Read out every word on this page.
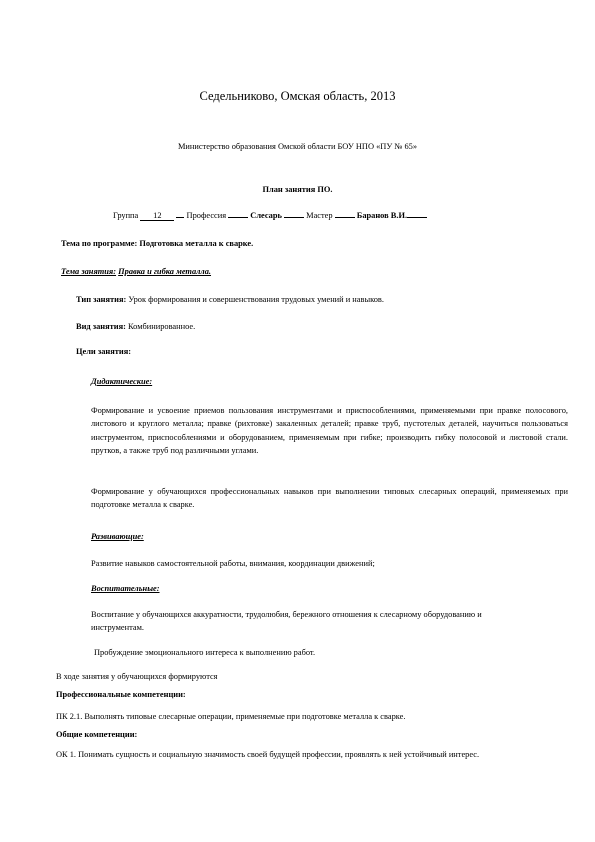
Седельниково, Омская область, 2013
Министерство образования Омской области БОУ НПО «ПУ № 65»
План занятия ПО.
Группа 12	Профессия	Слесарь	Мастер	Баранов В.И.
Тема по программе: Подготовка металла к сварке.
Тема занятия: Правка и гибка металла.
Тип занятия: Урок формирования и совершенствования трудовых умений и навыков.
Вид занятия: Комбинированное.
Цели занятия:
Дидактические:
Формирование и усвоение приемов пользования инструментами и приспособлениями, применяемыми при правке полосового, листового и круглого металла; правке (рихтовке) закаленных деталей; правке труб, пустотелых деталей, научиться пользоваться инструментом, приспособлениями и оборудованием, применяемым при гибке; производить гибку полосовой и листовой стали. прутков, а также труб под различными углами.
Формирование у обучающихся профессиональных навыков при выполнении типовых слесарных операций, применяемых при подготовке металла к сварке.
Развивающие:
Развитие навыков самостоятельной работы, внимания, координации движений;
Воспитательные:
Воспитание у обучающихся аккуратности, трудолюбия, бережного отношения к слесарному оборудованию и инструментам.
Пробуждение эмоционального интереса к выполнению работ.
В ходе занятия у обучающихся формируются
Профессиональные компетенции:
ПК 2.1. Выполнять типовые слесарные операции, применяемые при подготовке металла к сварке.
Общие компетенции:
ОК 1. Понимать сущность и социальную значимость своей будущей профессии, проявлять к ней устойчивый интерес.
